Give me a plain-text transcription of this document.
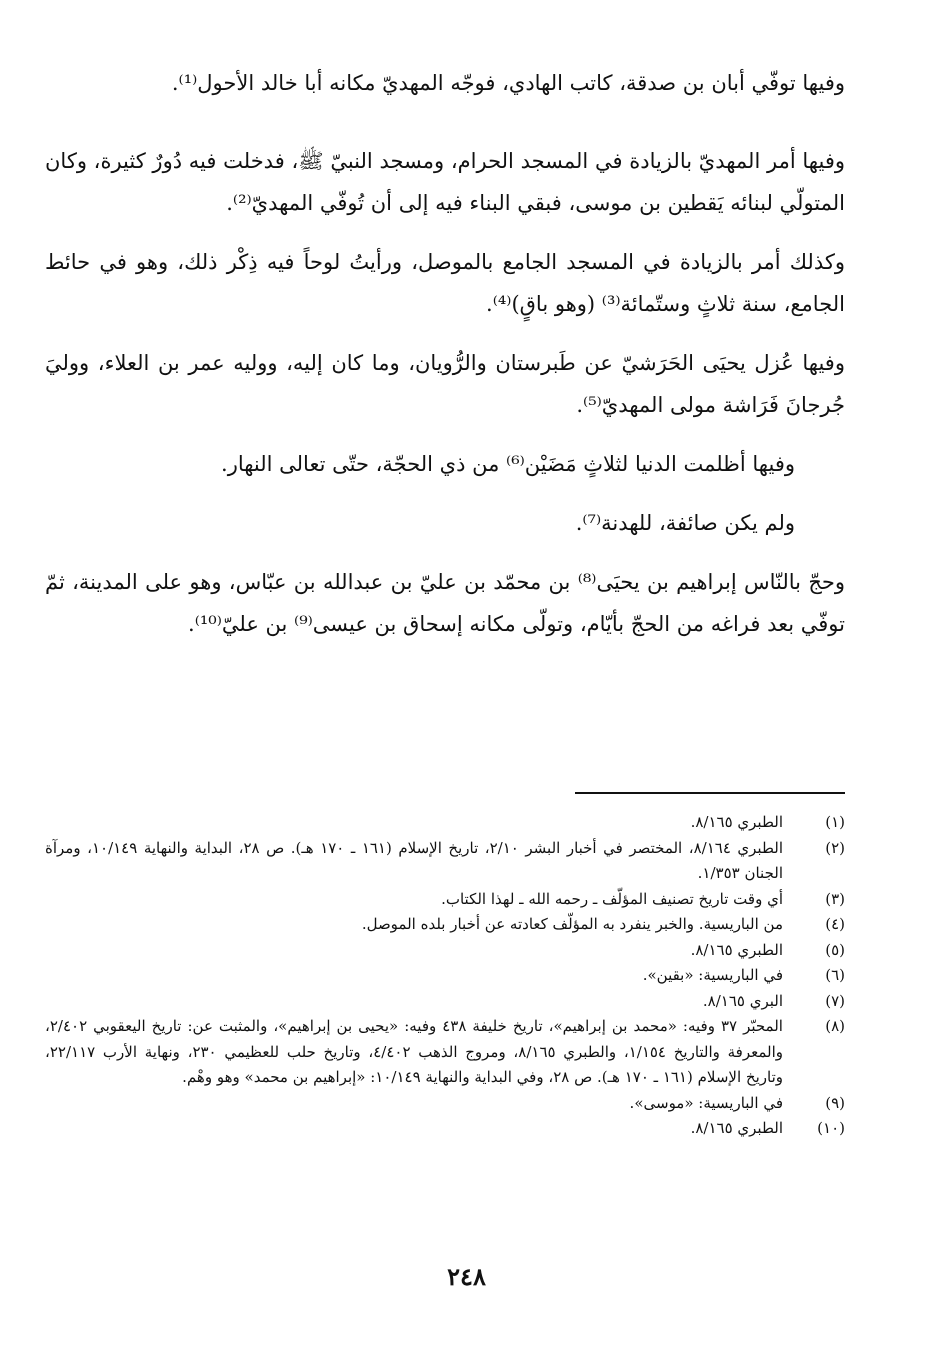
وفيها توفّي أبان بن صدقة، كاتب الهادي، فوجّه المهديّ مكانه أبا خالد الأحول⁽¹⁾.

وفيها أمر المهديّ بالزيادة في المسجد الحرام، ومسجد النبيّ ﷺ، فدخلت فيه دُورٌ كثيرة، وكان المتولّي لبنائه يَقطين بن موسى، فبقي البناء فيه إلى أن تُوفّي المهديّ⁽²⁾.

وكذلك أمر بالزيادة في المسجد الجامع بالموصل، ورأيتُ لوحاً فيه ذِكْر ذلك، وهو في حائط الجامع، سنة ثلاثٍ وستّمائة⁽³⁾ (وهو باقٍ)⁽⁴⁾.

وفيها عُزل يحيَى الحَرَشيّ عن طَبرستان والرُّويان، وما كان إليه، ووليه عمر بن العلاء، ووليَ جُرجانَ فَرَاشة مولى المهديّ⁽⁵⁾.

وفيها أظلمت الدنيا لثلاثٍ مَضَيْن⁽⁶⁾ من ذي الحجّة، حتّى تعالى النهار.

ولم يكن صائفة، للهدنة⁽⁷⁾.

وحجّ بالنّاس إبراهيم بن يحيَى⁽⁸⁾ بن محمّد بن عليّ بن عبدالله بن عبّاس، وهو على المدينة، ثمّ توفّي بعد فراغه من الحجّ بأيّام، وتولّى مكانه إسحاق بن عيسى⁽⁹⁾ بن عليّ⁽¹⁰⁾.

(١)
الطبري ٨/١٦٥.
(٢)
الطبري ٨/١٦٤، المختصر في أخبار البشر ٢/١٠، تاريخ الإسلام (١٦١ ـ ١٧٠ هـ). ص ٢٨، البداية والنهاية ١٠/١٤٩، ومرآة الجنان ١/٣٥٣.
(٣)
أي وقت تاريخ تصنيف المؤلّف ـ رحمه الله ـ لهذا الكتاب.
(٤)
من الباريسية. والخبر ينفرد به المؤلّف كعادته عن أخبار بلده الموصل.
(٥)
الطبري ٨/١٦٥.
(٦)
في الباريسية: «بقين».
(٧)
البري ٨/١٦٥.
(٨)
المحبّر ٣٧ وفيه: «محمد بن إبراهيم»، تاريخ خليفة ٤٣٨ وفيه: «يحيى بن إبراهيم»، والمثبت عن: تاريخ اليعقوبي ٢/٤٠٢، والمعرفة والتاريخ ١/١٥٤، والطبري ٨/١٦٥، ومروج الذهب ٤/٤٠٢، وتاريخ حلب للعظيمي ٢٣٠، ونهاية الأرب ٢٢/١١٧، وتاريخ الإسلام (١٦١ ـ ١٧٠ هـ). ص ٢٨، وفي البداية والنهاية ١٠/١٤٩: «إبراهيم بن محمد» وهو وهْم.
(٩)
في الباريسية: «موسى».
(١٠)
الطبري ٨/١٦٥.
٢٤٨
